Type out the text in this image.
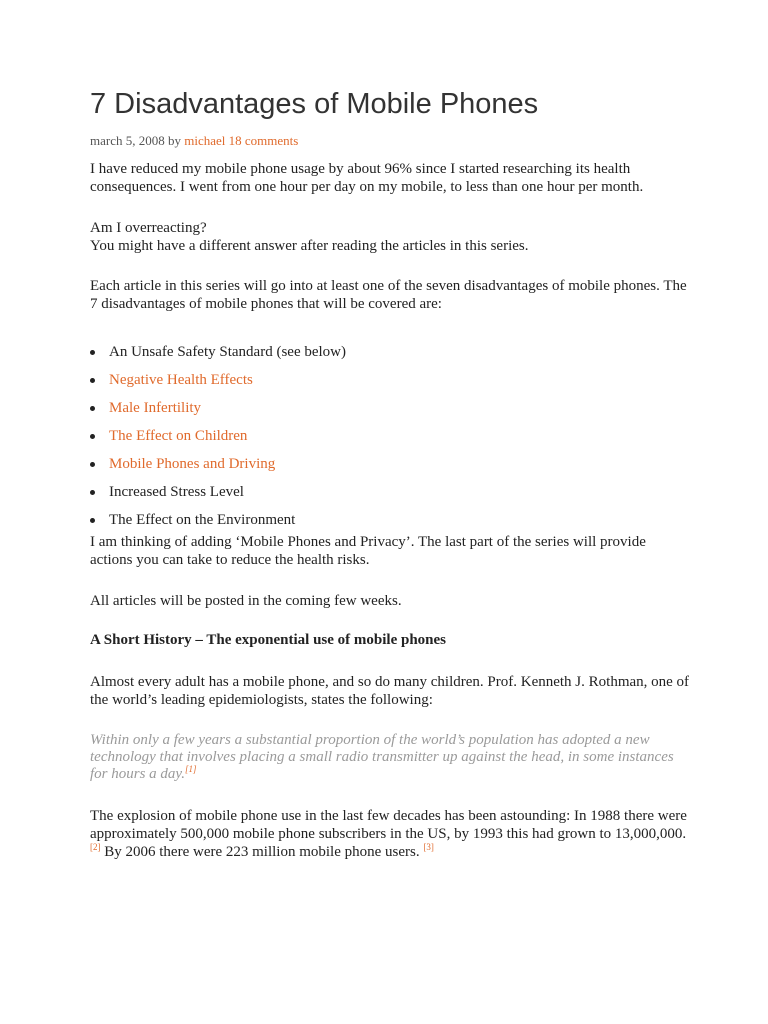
7 Disadvantages of Mobile Phones
march 5, 2008 by michael 18 comments

I have reduced my mobile phone usage by about 96% since I started researching its health consequences. I went from one hour per day on my mobile, to less than one hour per month.

Am I overreacting?
You might have a different answer after reading the articles in this series.

Each article in this series will go into at least one of the seven disadvantages of mobile phones. The 7 disadvantages of mobile phones that will be covered are:

An Unsafe Safety Standard (see below)
Negative Health Effects
Male Infertility
The Effect on Children
Mobile Phones and Driving
Increased Stress Level
The Effect on the Environment

I am thinking of adding ‘Mobile Phones and Privacy’. The last part of the series will provide actions you can take to reduce the health risks.

All articles will be posted in the coming few weeks.

A Short History – The exponential use of mobile phones

Almost every adult has a mobile phone, and so do many children. Prof. Kenneth J. Rothman, one of the world’s leading epidemiologists, states the following:

Within only a few years a substantial proportion of the world’s population has adopted a new technology that involves placing a small radio transmitter up against the head, in some instances for hours a day.[1]

The explosion of mobile phone use in the last few decades has been astounding: In 1988 there were approximately 500,000 mobile phone subscribers in the US, by 1993 this had grown to 13,000,000. [2] By 2006 there were 223 million mobile phone users. [3]
